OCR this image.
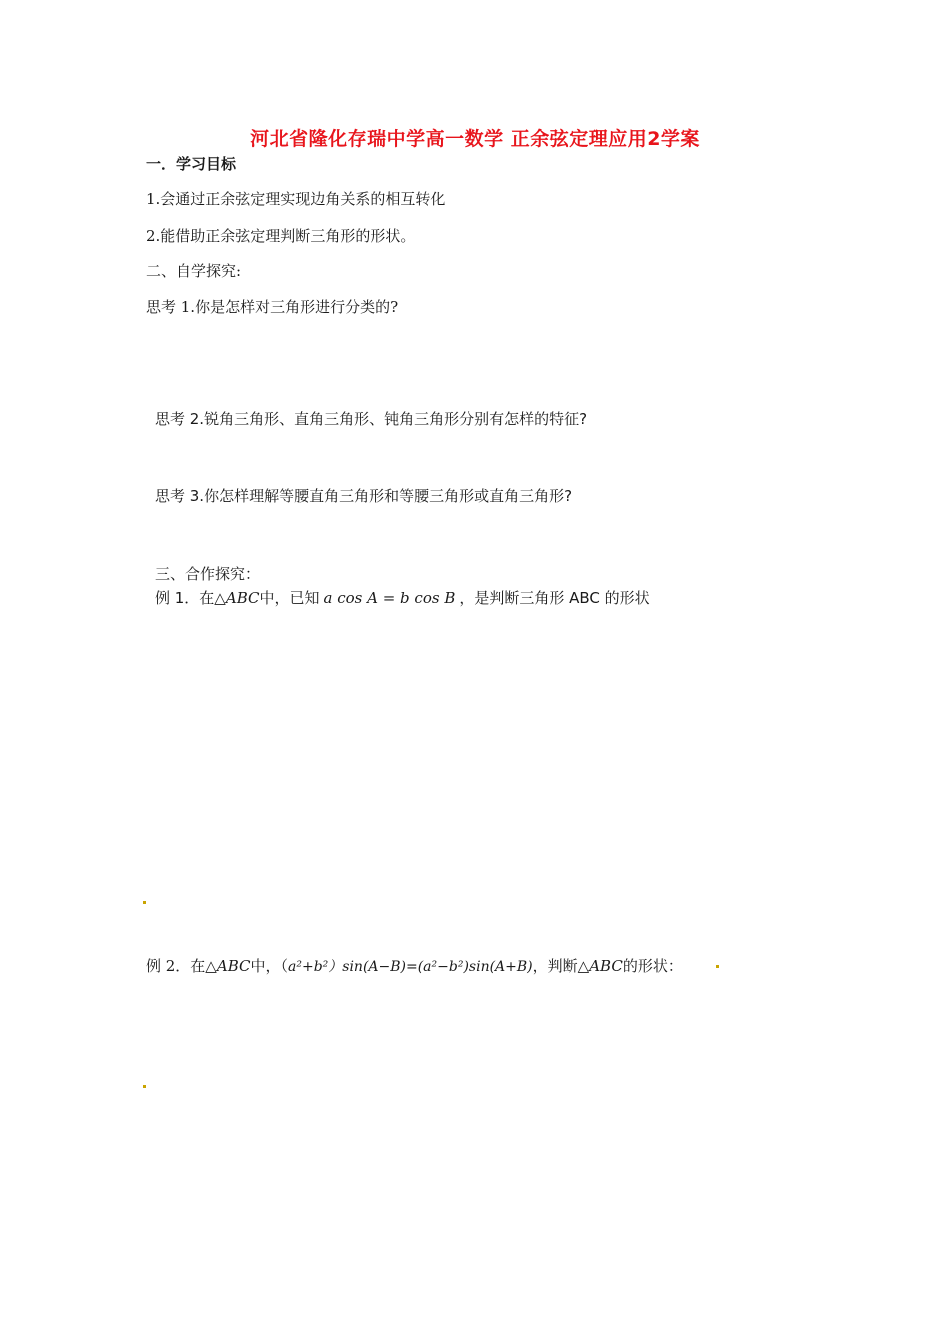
河北省隆化存瑞中学高一数学 正余弦定理应用2学案
一．学习目标
1.会通过正余弦定理实现边角关系的相互转化
2.能借助正余弦定理判断三角形的形状。
二、自学探究:
思考 1.你是怎样对三角形进行分类的?
思考 2.锐角三角形、直角三角形、钝角三角形分别有怎样的特征?
思考 3.你怎样理解等腰直角三角形和等腰三角形或直角三角形?
三、合作探究：
例 1．在△ABC中，已知 a cos A = b cos B ，是判断三角形 ABC 的形状
例 2．在△ABC中，（a²+b²）sin(A−B)=(a²−b²)sin(A+B)，判断△ABC的形状：
